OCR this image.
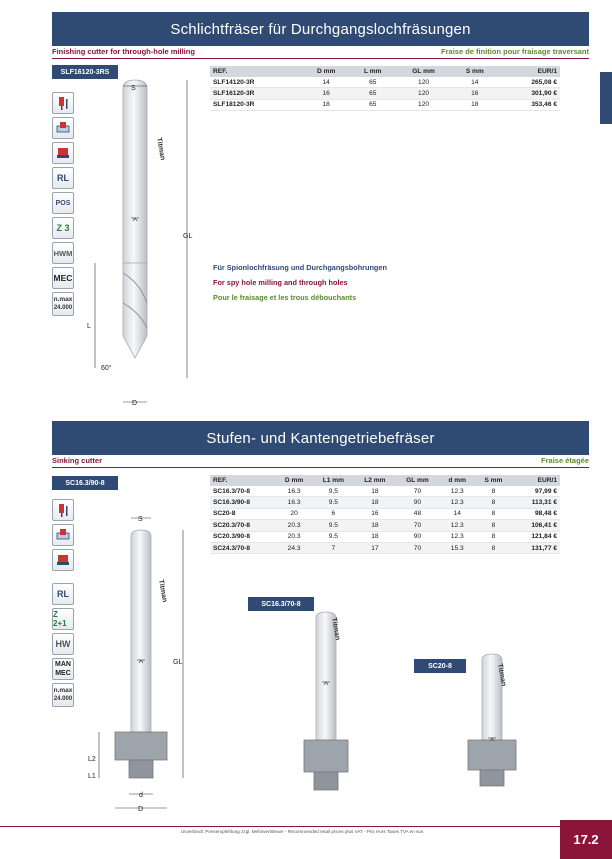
Schlichtfräser für Durchgangslochfräsungen
Finishing cutter for through-hole milling	Fraise de finition pour fraisage traversant
SLF16120-3RS
RL
POS
Z 3
HWM
MEC
n.max
24.000
Titman
S
GL
L
60°
D
REF.	D mm	L mm	GL mm	S mm	EUR/1
SLF14120-3R	14	65	120	14	265,08 €
SLF16120-3R	16	65	120	16	301,90 €
SLF18120-3R	18	65	120	18	353,46 €
Für Spionlochfräsung und Durchgangsbohrungen
For spy hole milling and through holes
Pour le fraisage et les trous débouchants
Stufen- und Kantengetriebefräser
Sinking cutter	Fraise étagée
SC16.3/90-8
RL
Z 2+1
HW
MAN
MEC
n.max
24.000
Titman
S
GL
L2
L1
d
D
REF.	D mm	L1 mm	L2 mm	GL mm	d mm	S mm	EUR/1
SC16.3/70-8	16.3	9,5	18	70	12.3	8	97,99 €
SC16.3/90-8	16.3	9.5	18	90	12.3	8	113,31 €
SC20-8	20	6	16	48	14	8	98,48 €
SC20.3/70-8	20.3	9.5	18	70	12.3	8	106,41 €
SC20.3/90-8	20.3	9.5	18	90	12.3	8	121,84 €
SC24.3/70-8	24.3	7	17	70	15.3	8	131,77 €
SC16.3/70-8
Titman
SC20-8	Titman
Unverbindl. Preisempfehlung zzgl. Mehrwertsteuer - Recommended retail prices plus VAT - Prix Hors Taxes TVA en sus
17.2
